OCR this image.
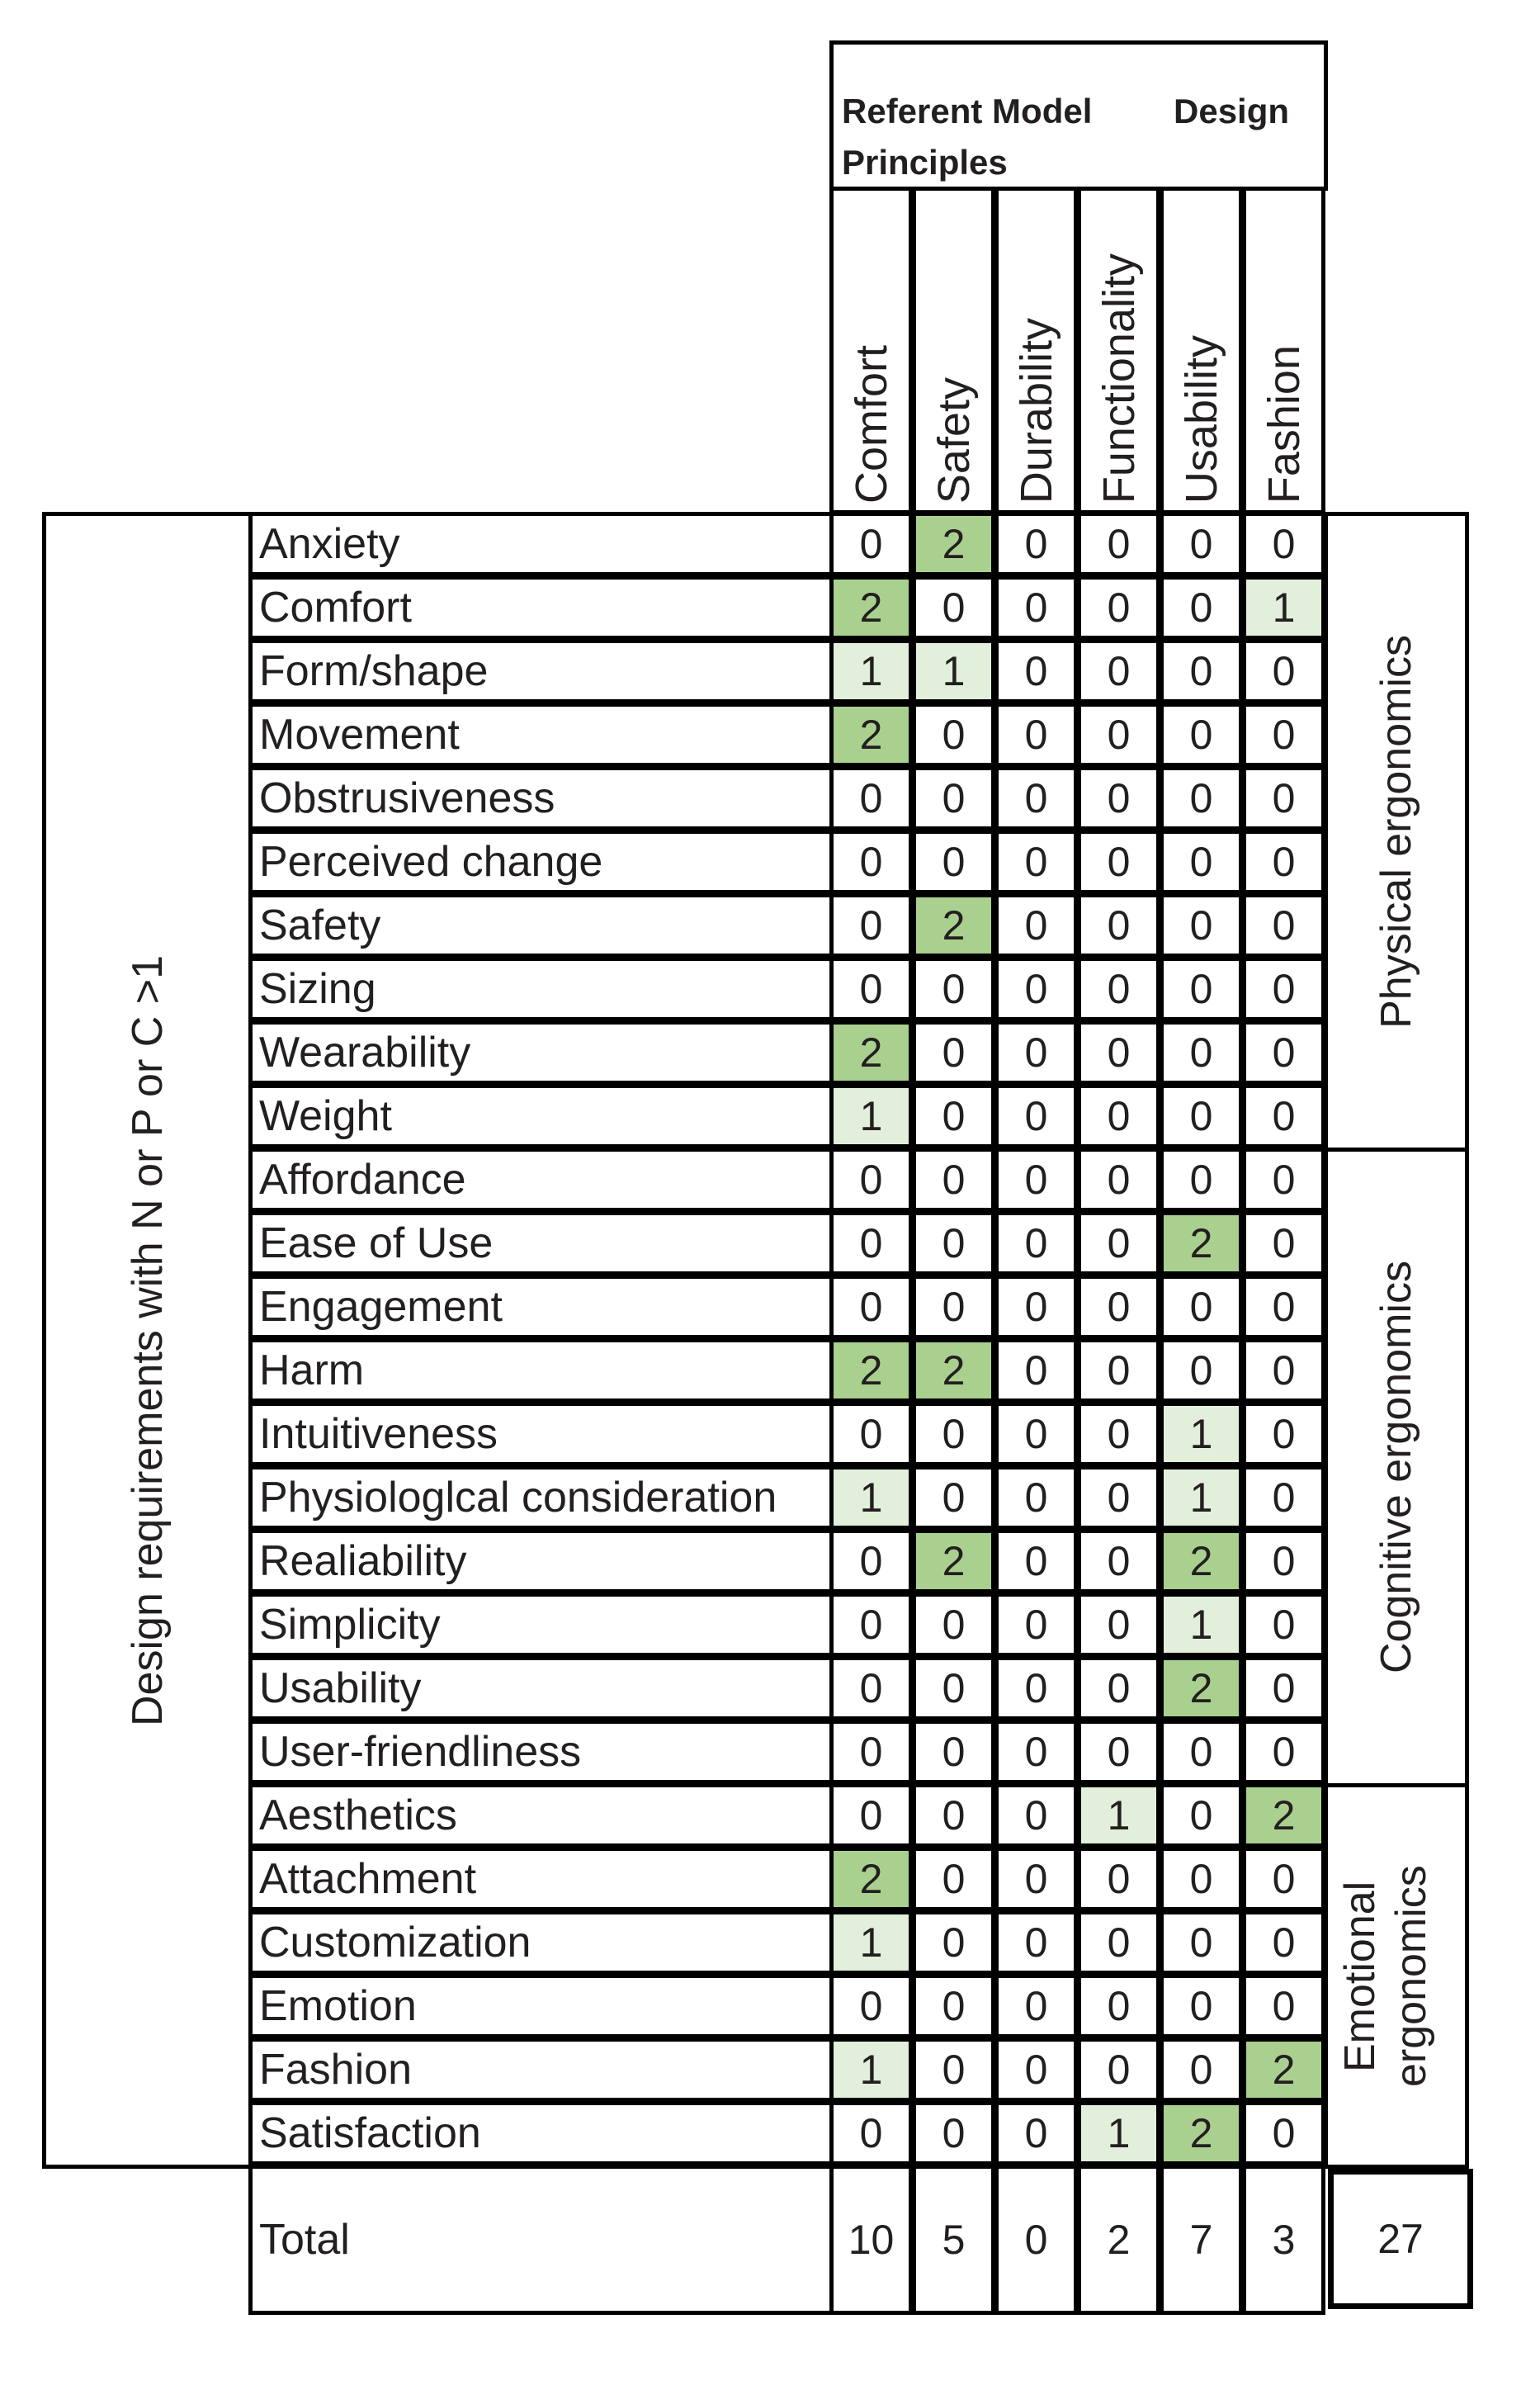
Referent Model Principles
Design
Comfort Safety Durability Functionality Usability Fashion
Design requirements with N or P or C >1
Anxiety	0	2	0	0	0	0
Comfort	2	0	0	0	0	1
Form/shape	1	1	0	0	0	0
Movement	2	0	0	0	0	0
Obstrusiveness	0	0	0	0	0	0
Perceived change	0	0	0	0	0	0
Safety	0	2	0	0	0	0
Sizing	0	0	0	0	0	0
Wearability	2	0	0	0	0	0
Weight	1	0	0	0	0	0
Affordance	0	0	0	0	0	0
Ease of Use	0	0	0	0	2	0
Engagement	0	0	0	0	0	0
Harm	2	2	0	0	0	0
Intuitiveness	0	0	0	0	1	0
Physiologlcal consideration	1	0	0	0	1	0
Realiability	0	2	0	0	2	0
Simplicity	0	0	0	0	1	0
Usability	0	0	0	0	2	0
User-friendliness	0	0	0	0	0	0
Aesthetics	0	0	0	1	0	2
Attachment	2	0	0	0	0	0
Customization	1	0	0	0	0	0
Emotion	0	0	0	0	0	0
Fashion	1	0	0	0	0	2
Satisfaction	0	0	0	1	2	0
Physical ergonomics
Cognitive ergonomics
Emotional ergonomics
Total	10	5	0	2	7	3	27
